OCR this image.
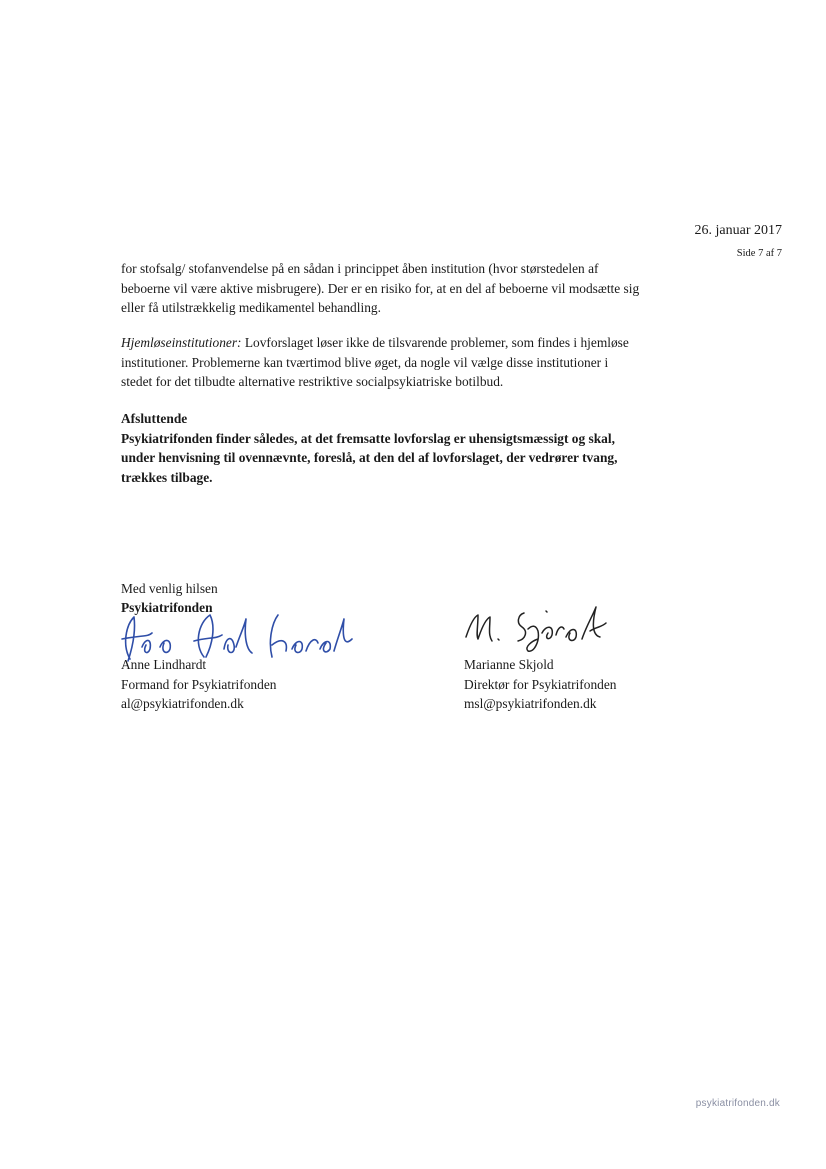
26. januar 2017
Side 7 af 7
for stofsalg/ stofanvendelse på en sådan i princippet åben institution (hvor størstedelen af beboerne vil være aktive misbrugere). Der er en risiko for, at en del af beboerne vil modsætte sig eller få utilstrækkelig medikamentel behandling.
Hjemløseinstitutioner: Lovforslaget løser ikke de tilsvarende problemer, som findes i hjemløse institutioner. Problemerne kan tværtimod blive øget, da nogle vil vælge disse institutioner i stedet for det tilbudte alternative restriktive socialpsykiatriske botilbud.
Afsluttende
Psykiatrifonden finder således, at det fremsatte lovforslag er uhensigtsmæssigt og skal, under henvisning til ovennævnte, foreslå, at den del af lovforslaget, der vedrører tvang, trækkes tilbage.
Med venlig hilsen
Psykiatrifonden
Anne Lindhardt
Formand for Psykiatrifonden
al@psykiatrifonden.dk
Marianne Skjold
Direktør for Psykiatrifonden
msl@psykiatrifonden.dk
psykiatrifonden.dk
